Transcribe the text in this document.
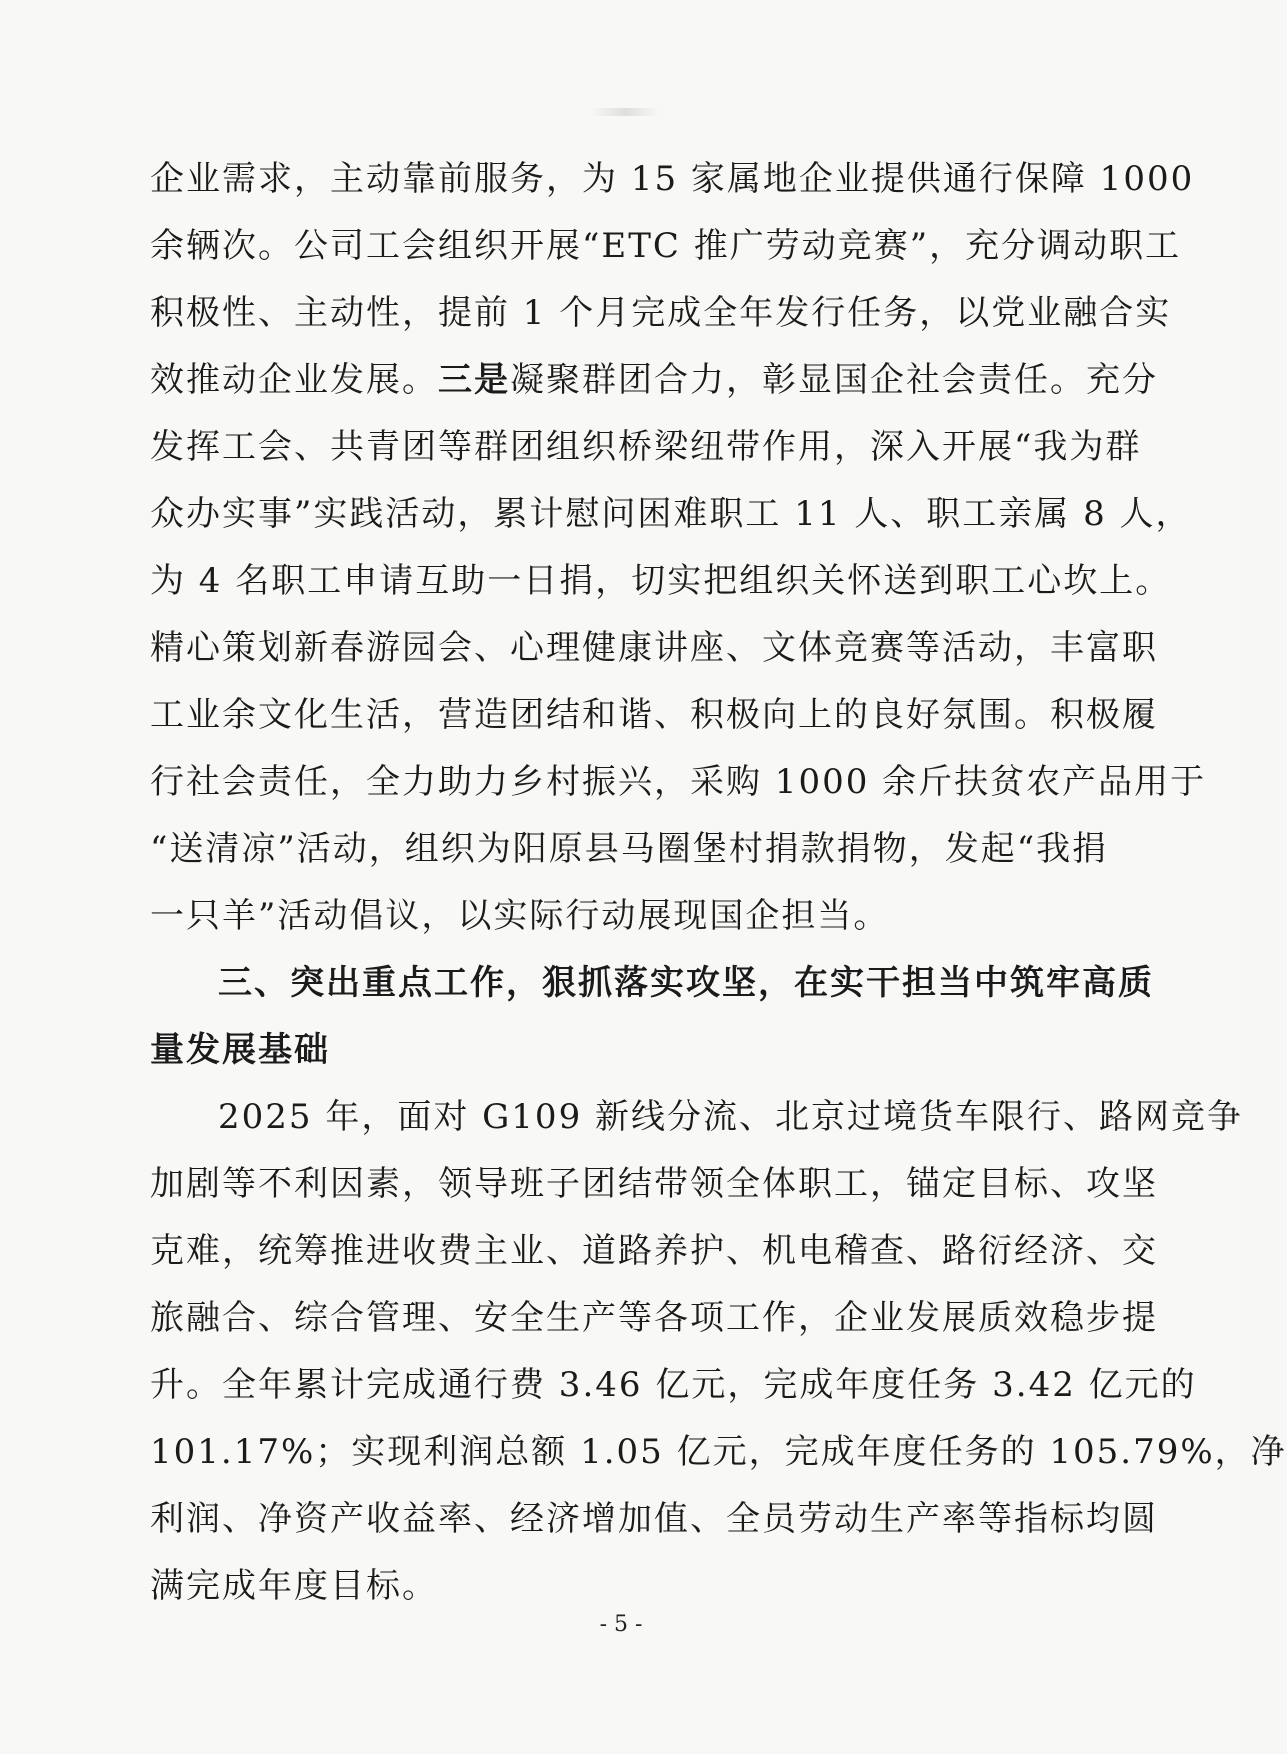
企业需求，主动靠前服务，为 15 家属地企业提供通行保障 1000
余辆次。公司工会组织开展“ETC 推广劳动竞赛”，充分调动职工
积极性、主动性，提前 1 个月完成全年发行任务，以党业融合实
效推动企业发展。三是凝聚群团合力，彰显国企社会责任。充分
发挥工会、共青团等群团组织桥梁纽带作用，深入开展“我为群
众办实事”实践活动，累计慰问困难职工 11 人、职工亲属 8 人，
为 4 名职工申请互助一日捐，切实把组织关怀送到职工心坎上。
精心策划新春游园会、心理健康讲座、文体竞赛等活动，丰富职
工业余文化生活，营造团结和谐、积极向上的良好氛围。积极履
行社会责任，全力助力乡村振兴，采购 1000 余斤扶贫农产品用于
“送清凉”活动，组织为阳原县马圈堡村捐款捐物，发起“我捐
一只羊”活动倡议，以实际行动展现国企担当。
三、突出重点工作，狠抓落实攻坚，在实干担当中筑牢高质
量发展基础
2025 年，面对 G109 新线分流、北京过境货车限行、路网竞争
加剧等不利因素，领导班子团结带领全体职工，锚定目标、攻坚
克难，统筹推进收费主业、道路养护、机电稽查、路衍经济、交
旅融合、综合管理、安全生产等各项工作，企业发展质效稳步提
升。全年累计完成通行费 3.46 亿元，完成年度任务 3.42 亿元的
101.17%；实现利润总额 1.05 亿元，完成年度任务的 105.79%，净
利润、净资产收益率、经济增加值、全员劳动生产率等指标均圆
满完成年度目标。
- 5 -
